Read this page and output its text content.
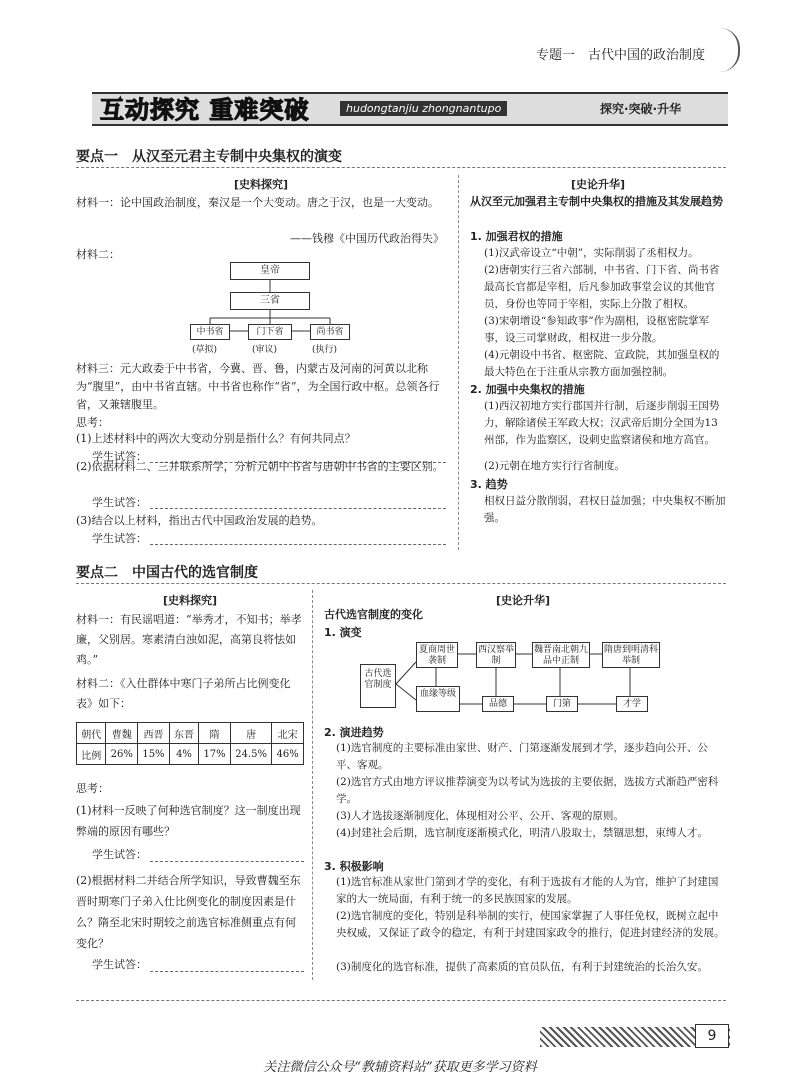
专题一　古代中国的政治制度
互动探究 重难突破	hudongtanjiu zhongnantupo	探究·突破·升华
要点一　从汉至元君主专制中央集权的演变
[史料探究]
材料一：论中国政治制度，秦汉是一个大变动。唐之于汉，也是一大变动。
——钱穆《中国历代政治得失》
材料二：
皇帝
三省
中书省	门下省	尚书省
(草拟)	(审议)	(执行)
材料三：元大政委于中书省，今冀、晋、鲁，内蒙古及河南的河黄以北称为“腹里”，由中书省直辖。中书省也称作“省”，为全国行政中枢。总领各行省，又兼辖腹里。
思考：
(1)上述材料中的两次大变动分别是指什么？有何共同点？
学生试答：
(2)依据材料二、三并联系所学，分析元朝中书省与唐朝中书省的主要区别。
学生试答：
(3)结合以上材料，指出古代中国政治发展的趋势。
学生试答：
[史论升华]
从汉至元加强君主专制中央集权的措施及其发展趋势
1. 加强君权的措施
(1)汉武帝设立“中朝”，实际削弱了丞相权力。
(2)唐朝实行三省六部制，中书省、门下省、尚书省最高长官都是宰相，后凡参加政事堂会议的其他官员，身份也等同于宰相，实际上分散了相权。
(3)宋朝增设“参知政事”作为副相，设枢密院掌军事，设三司掌财政，相权进一步分散。
(4)元朝设中书省、枢密院、宣政院，其加强皇权的最大特色在于注重从宗教方面加强控制。
2. 加强中央集权的措施
(1)西汉初地方实行郡国并行制，后逐步削弱王国势力，解除诸侯王军政大权；汉武帝后期分全国为13州部，作为监察区，设刺史监察诸侯和地方高官。
(2)元朝在地方实行行省制度。
3. 趋势
相权日益分散削弱，君权日益加强；中央集权不断加强。
要点二　中国古代的选官制度
[史料探究]
材料一：有民谣唱道：“举秀才，不知书；举孝廉，父别居。寒素清白浊如泥，高第良将怯如鸡。”
材料二：《入仕群体中寒门子弟所占比例变化表》如下：
朝代	曹魏	西晋	东晋	隋	唐	北宋
比例	26%	15%	4%	17%	24.5%	46%
思考：
(1)材料一反映了何种选官制度？这一制度出现弊端的原因有哪些？
学生试答：
(2)根据材料二并结合所学知识，导致曹魏至东晋时期寒门子弟入仕比例变化的制度因素是什么？隋至北宋时期较之前选官标准侧重点有何变化？
学生试答：
[史论升华]
古代选官制度的变化
1. 演变
古代选官制度
夏商周世袭制
西汉察举制
魏晋南北朝九品中正制
隋唐到明清科举制
血缘等级
品德	门第	才学
2. 演进趋势
(1)选官制度的主要标准由家世、财产、门第逐渐发展到才学，逐步趋向公开、公平、客观。
(2)选官方式由地方评议推荐演变为以考试为选拔的主要依据，选拔方式渐趋严密科学。
(3)人才选拔逐渐制度化，体现相对公平、公开、客观的原则。
(4)封建社会后期，选官制度逐渐模式化，明清八股取士，禁锢思想，束缚人才。
3. 积极影响
(1)选官标准从家世门第到才学的变化，有利于选拔有才能的人为官，维护了封建国家的大一统局面，有利于统一的多民族国家的发展。
(2)选官制度的变化，特别是科举制的实行，使国家掌握了人事任免权，既树立起中央权威，又保证了政令的稳定，有利于封建国家政令的推行，促进封建经济的发展。
(3)制度化的选官标准，提供了高素质的官员队伍，有利于封建统治的长治久安。
9
关注微信公众号“教辅资料站”获取更多学习资料
